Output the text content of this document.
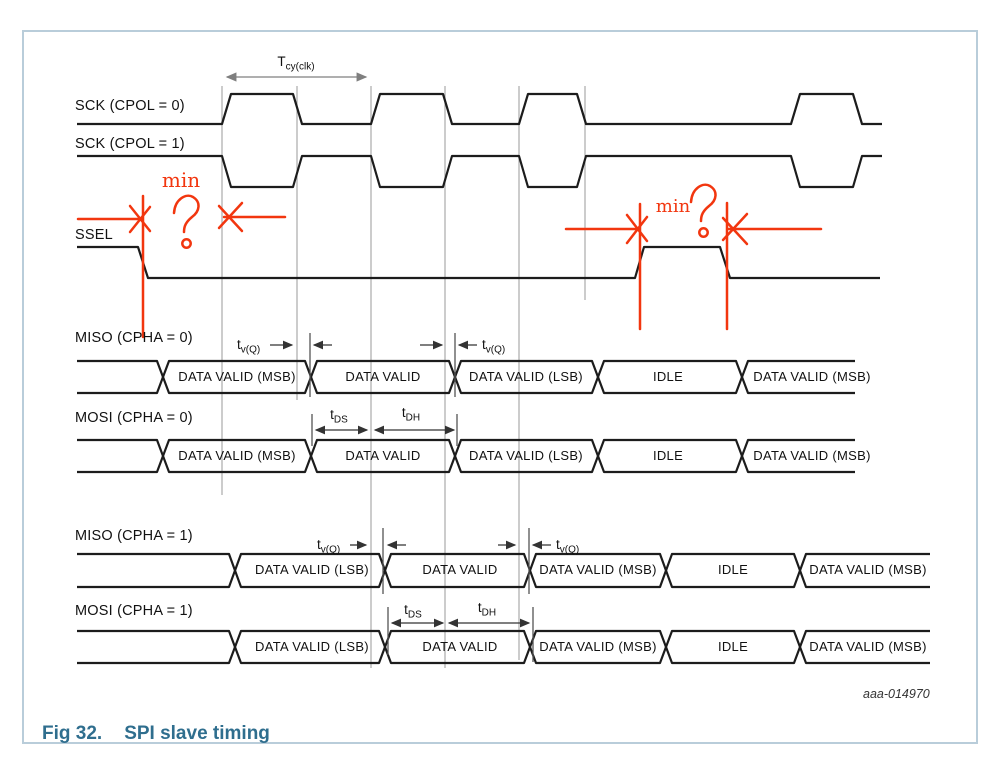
SCK (CPOL = 0)
SCK (CPOL = 1)
SSEL
MISO (CPHA = 0)
MOSI (CPHA = 0)
MISO (CPHA = 1)
MOSI (CPHA = 1)
DATA VALID (MSB)	DATA VALID	DATA VALID (LSB)	IDLE	DATA VALID (MSB)
DATA VALID (MSB)	DATA VALID	DATA VALID (LSB)	IDLE	DATA VALID (MSB)
DATA VALID (LSB)	DATA VALID	DATA VALID (MSB)	IDLE	DATA VALID (MSB)
DATA VALID (LSB)	DATA VALID	DATA VALID (MSB)	IDLE	DATA VALID (MSB)
$T_{cy(clk)}$
$t_{v(Q)}$	$t_{v(Q)}$
$t_{DS}$
$t_{DH}$
$t_{v(Q)}$	$t_{v(Q)}$
$t_{DS}$
$t_{DH}$
min
min
aaa-014970
Fig 32. SPI slave timing
